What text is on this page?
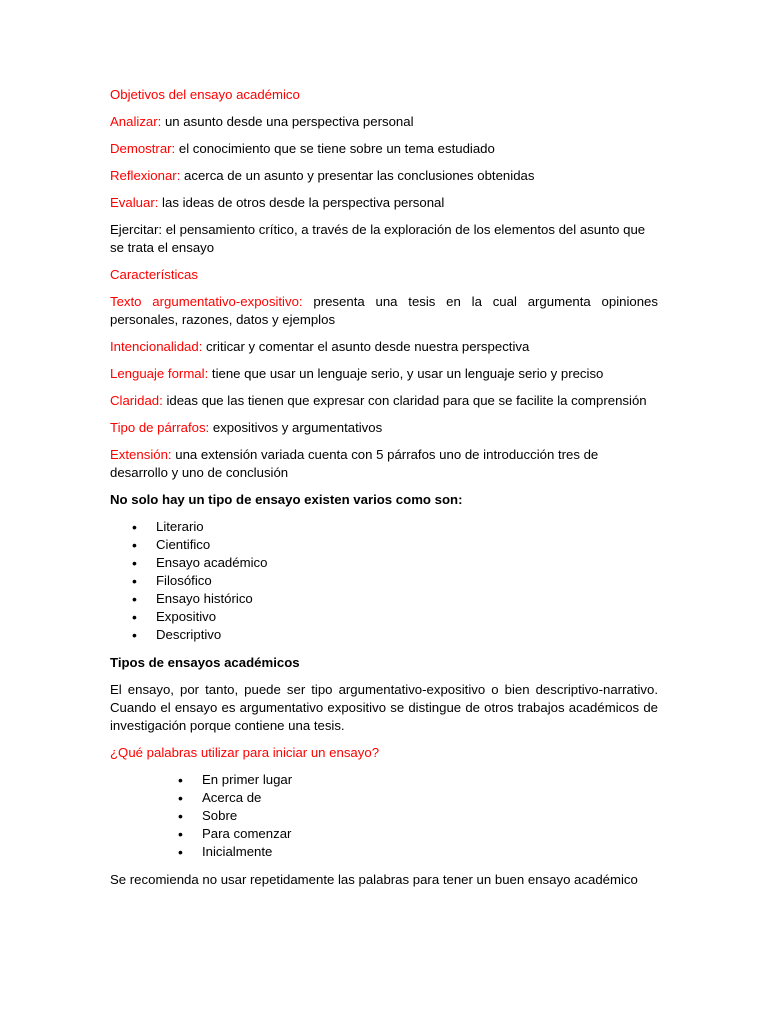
Objetivos del ensayo académico

Analizar: un asunto desde una perspectiva personal

Demostrar: el conocimiento que se tiene sobre un tema estudiado

Reflexionar: acerca de un asunto y presentar las conclusiones obtenidas

Evaluar: las ideas de otros desde la perspectiva personal

Ejercitar: el pensamiento crítico, a través de la exploración de los elementos del asunto que se trata el ensayo

Características

Texto argumentativo-expositivo: presenta una tesis en la cual argumenta opiniones personales, razones, datos y ejemplos

Intencionalidad: criticar y comentar el asunto desde nuestra perspectiva

Lenguaje formal: tiene que usar un lenguaje serio, y usar un lenguaje serio y preciso

Claridad: ideas que las tienen que expresar con claridad para que se facilite la comprensión

Tipo de párrafos: expositivos y argumentativos

Extensión: una extensión variada cuenta con 5 párrafos uno de introducción tres de desarrollo y uno de conclusión

No solo hay un tipo de ensayo existen varios como son:

• Literario
• Cientifico
• Ensayo académico
• Filosófico
• Ensayo histórico
• Expositivo
• Descriptivo

Tipos de ensayos académicos

El ensayo, por tanto, puede ser tipo argumentativo-expositivo o bien descriptivo-narrativo. Cuando el ensayo es argumentativo expositivo se distingue de otros trabajos académicos de investigación porque contiene una tesis.

¿Qué palabras utilizar para iniciar un ensayo?

• En primer lugar
• Acerca de
• Sobre
• Para comenzar
• Inicialmente

Se recomienda no usar repetidamente las palabras para tener un buen ensayo académico
